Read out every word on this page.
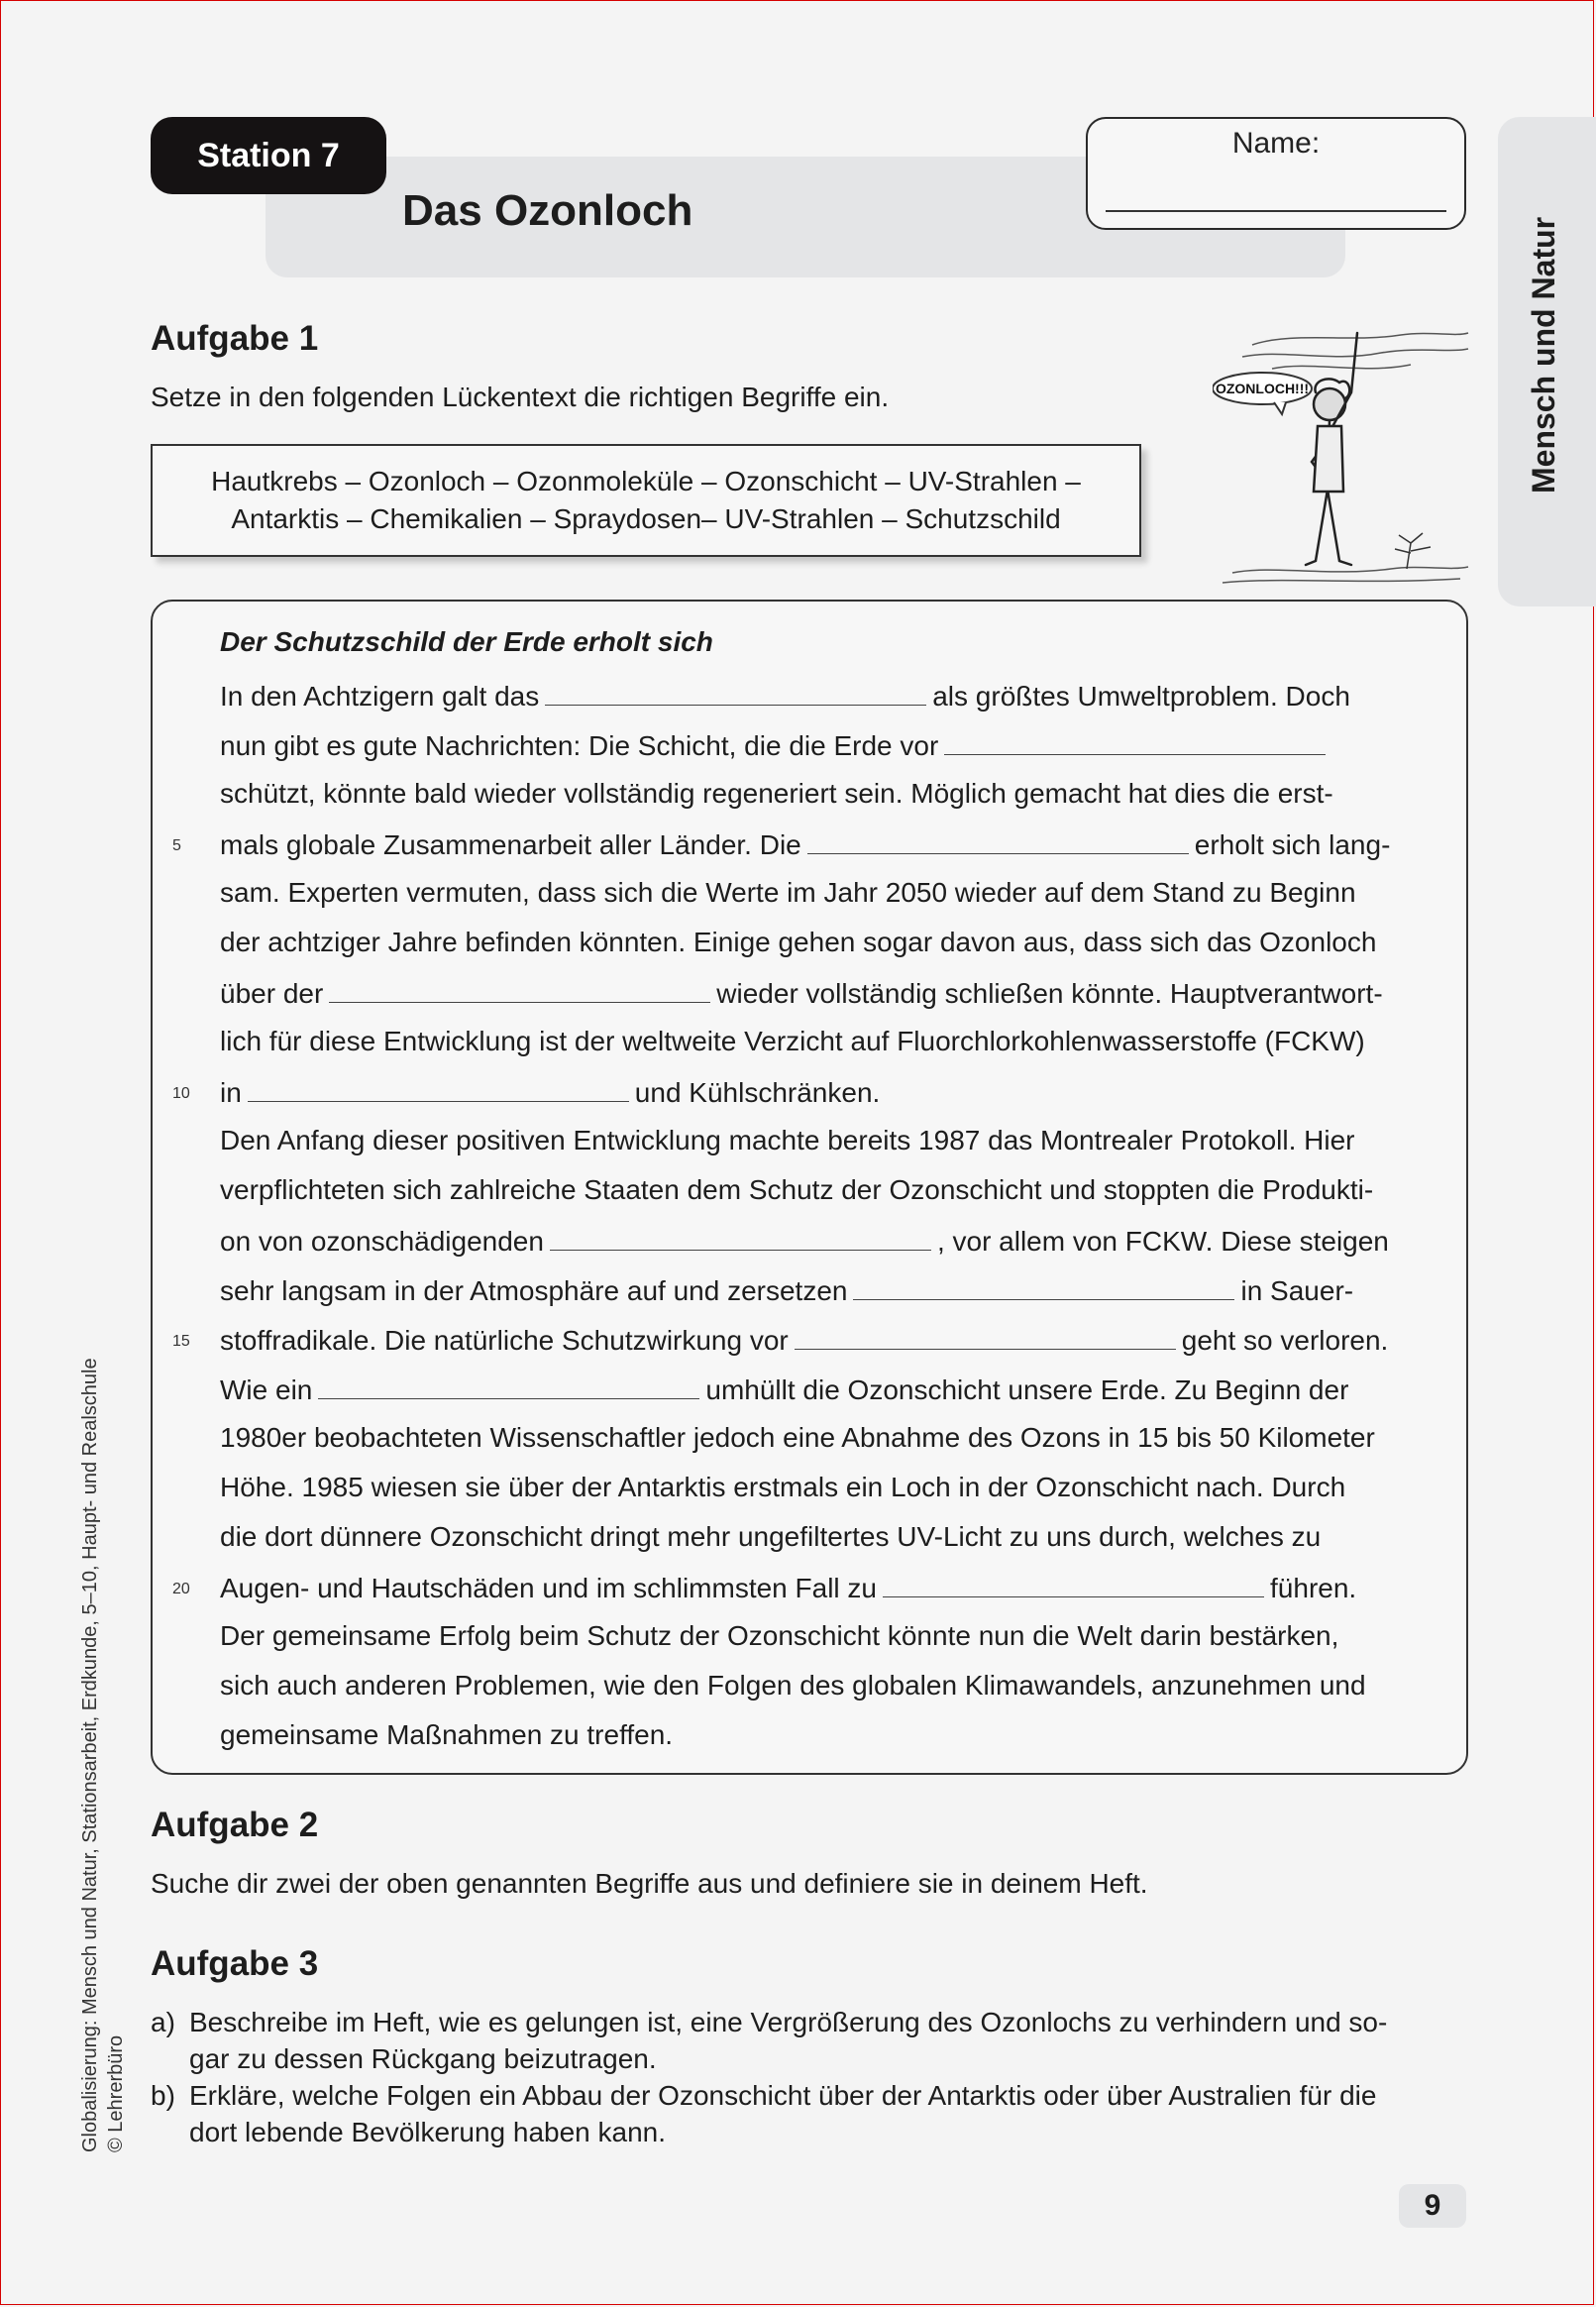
Station 7
Das Ozonloch
Name:
Mensch und Natur
Aufgabe 1
Setze in den folgenden Lückentext die richtigen Begriffe ein.
Hautkrebs – Ozonloch – Ozonmoleküle – Ozonschicht – UV-Strahlen –
Antarktis – Chemikalien – Spraydosen– UV-Strahlen – Schutzschild
OZONLOCH!!!
Der Schutzschild der Erde erholt sich
In den Achtzigern galt das	als größtes Umweltproblem. Doch
nun gibt es gute Nachrichten: Die Schicht, die die Erde vor
schützt, könnte bald wieder vollständig regeneriert sein. Möglich gemacht hat dies die erst-
mals globale Zusammenarbeit aller Länder. Die	erholt sich lang-
sam. Experten vermuten, dass sich die Werte im Jahr 2050 wieder auf dem Stand zu Beginn
der achtziger Jahre befinden könnten. Einige gehen sogar davon aus, dass sich das Ozonloch
über der	wieder vollständig schließen könnte. Hauptverantwort-
lich für diese Entwicklung ist der weltweite Verzicht auf Fluorchlorkohlenwasserstoffe (FCKW)
in	und Kühlschränken.
Den Anfang dieser positiven Entwicklung machte bereits 1987 das Montrealer Protokoll. Hier
verpflichteten sich zahlreiche Staaten dem Schutz der Ozonschicht und stoppten die Produkti-
on von ozonschädigenden	, vor allem von FCKW. Diese steigen
sehr langsam in der Atmosphäre auf und zersetzen	in Sauer-
stoffradikale. Die natürliche Schutzwirkung vor	geht so verloren.
Wie ein	umhüllt die Ozonschicht unsere Erde. Zu Beginn der
1980er beobachteten Wissenschaftler jedoch eine Abnahme des Ozons in 15 bis 50 Kilometer
Höhe. 1985 wiesen sie über der Antarktis erstmals ein Loch in der Ozonschicht nach. Durch
die dort dünnere Ozonschicht dringt mehr ungefiltertes UV-Licht zu uns durch, welches zu
Augen- und Hautschäden und im schlimmsten Fall zu	führen.
Der gemeinsame Erfolg beim Schutz der Ozonschicht könnte nun die Welt darin bestärken,
sich auch anderen Problemen, wie den Folgen des globalen Klimawandels, anzunehmen und
gemeinsame Maßnahmen zu treffen.
5
10
15
20
Aufgabe 2
Suche dir zwei der oben genannten Begriffe aus und definiere sie in deinem Heft.
Aufgabe 3
a) Beschreibe im Heft, wie es gelungen ist, eine Vergrößerung des Ozonlochs zu verhindern und so-
gar zu dessen Rückgang beizutragen.
b) Erkläre, welche Folgen ein Abbau der Ozonschicht über der Antarktis oder über Australien für die
dort lebende Bevölkerung haben kann.
Globalisierung: Mensch und Natur, Stationsarbeit, Erdkunde, 5–10, Haupt- und Realschule © Lehrerbüro
9
